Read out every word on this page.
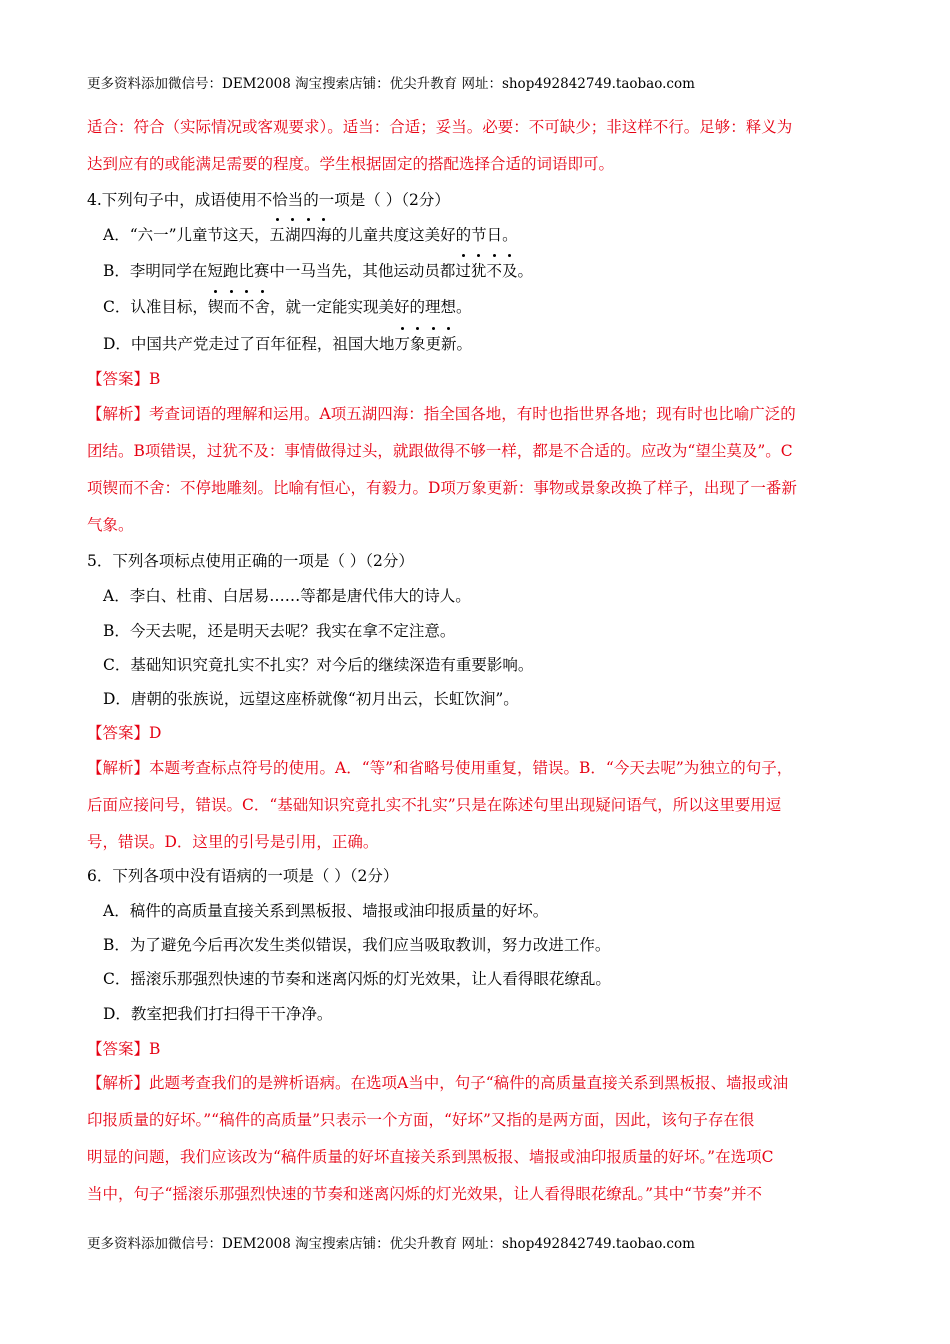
更多资料添加微信号：DEM2008 淘宝搜索店铺：优尖升教育 网址：shop492842749.taobao.com
适合：符合（实际情况或客观要求）。适当：合适；妥当。必要：不可缺少；非这样不行。足够：释义为
达到应有的或能满足需要的程度。学生根据固定的搭配选择合适的词语即可。
4.下列句子中，成语使用不恰当的一项是（ ）（2分）
A．“六一”儿童节这天，五湖四海的儿童共度这美好的节日。
B．李明同学在短跑比赛中一马当先，其他运动员都过犹不及。
C．认准目标，锲而不舍，就一定能实现美好的理想。
D．中国共产党走过了百年征程，祖国大地万象更新。
【答案】B
【解析】考查词语的理解和运用。A项五湖四海：指全国各地，有时也指世界各地；现有时也比喻广泛的
团结。B项错误，过犹不及：事情做得过头，就跟做得不够一样，都是不合适的。应改为“望尘莫及”。C
项锲而不舍：不停地雕刻。比喻有恒心，有毅力。D项万象更新：事物或景象改换了样子，出现了一番新
气象。
5．下列各项标点使用正确的一项是（ ）（2分）
A．李白、杜甫、白居易……等都是唐代伟大的诗人。
B．今天去呢，还是明天去呢？我实在拿不定注意。
C．基础知识究竟扎实不扎实？对今后的继续深造有重要影响。
D．唐朝的张族说，远望这座桥就像“初月出云，长虹饮涧”。
【答案】D
【解析】本题考查标点符号的使用。A．“等”和省略号使用重复，错误。B．“今天去呢”为独立的句子，
后面应接问号，错误。C．“基础知识究竟扎实不扎实”只是在陈述句里出现疑问语气，所以这里要用逗
号，错误。D．这里的引号是引用，正确。
6．下列各项中没有语病的一项是（ ）（2分）
A．稿件的高质量直接关系到黑板报、墙报或油印报质量的好坏。
B．为了避免今后再次发生类似错误，我们应当吸取教训，努力改进工作。
C．摇滚乐那强烈快速的节奏和迷离闪烁的灯光效果，让人看得眼花缭乱。
D．教室把我们打扫得干干净净。
【答案】B
【解析】此题考查我们的是辨析语病。在选项A当中，句子“稿件的高质量直接关系到黑板报、墙报或油
印报质量的好坏。”“稿件的高质量”只表示一个方面，“好坏”又指的是两方面，因此，该句子存在很
明显的问题，我们应该改为“稿件质量的好坏直接关系到黑板报、墙报或油印报质量的好坏。”在选项C
当中，句子“摇滚乐那强烈快速的节奏和迷离闪烁的灯光效果，让人看得眼花缭乱。”其中“节奏”并不
更多资料添加微信号：DEM2008 淘宝搜索店铺：优尖升教育 网址：shop492842749.taobao.com
